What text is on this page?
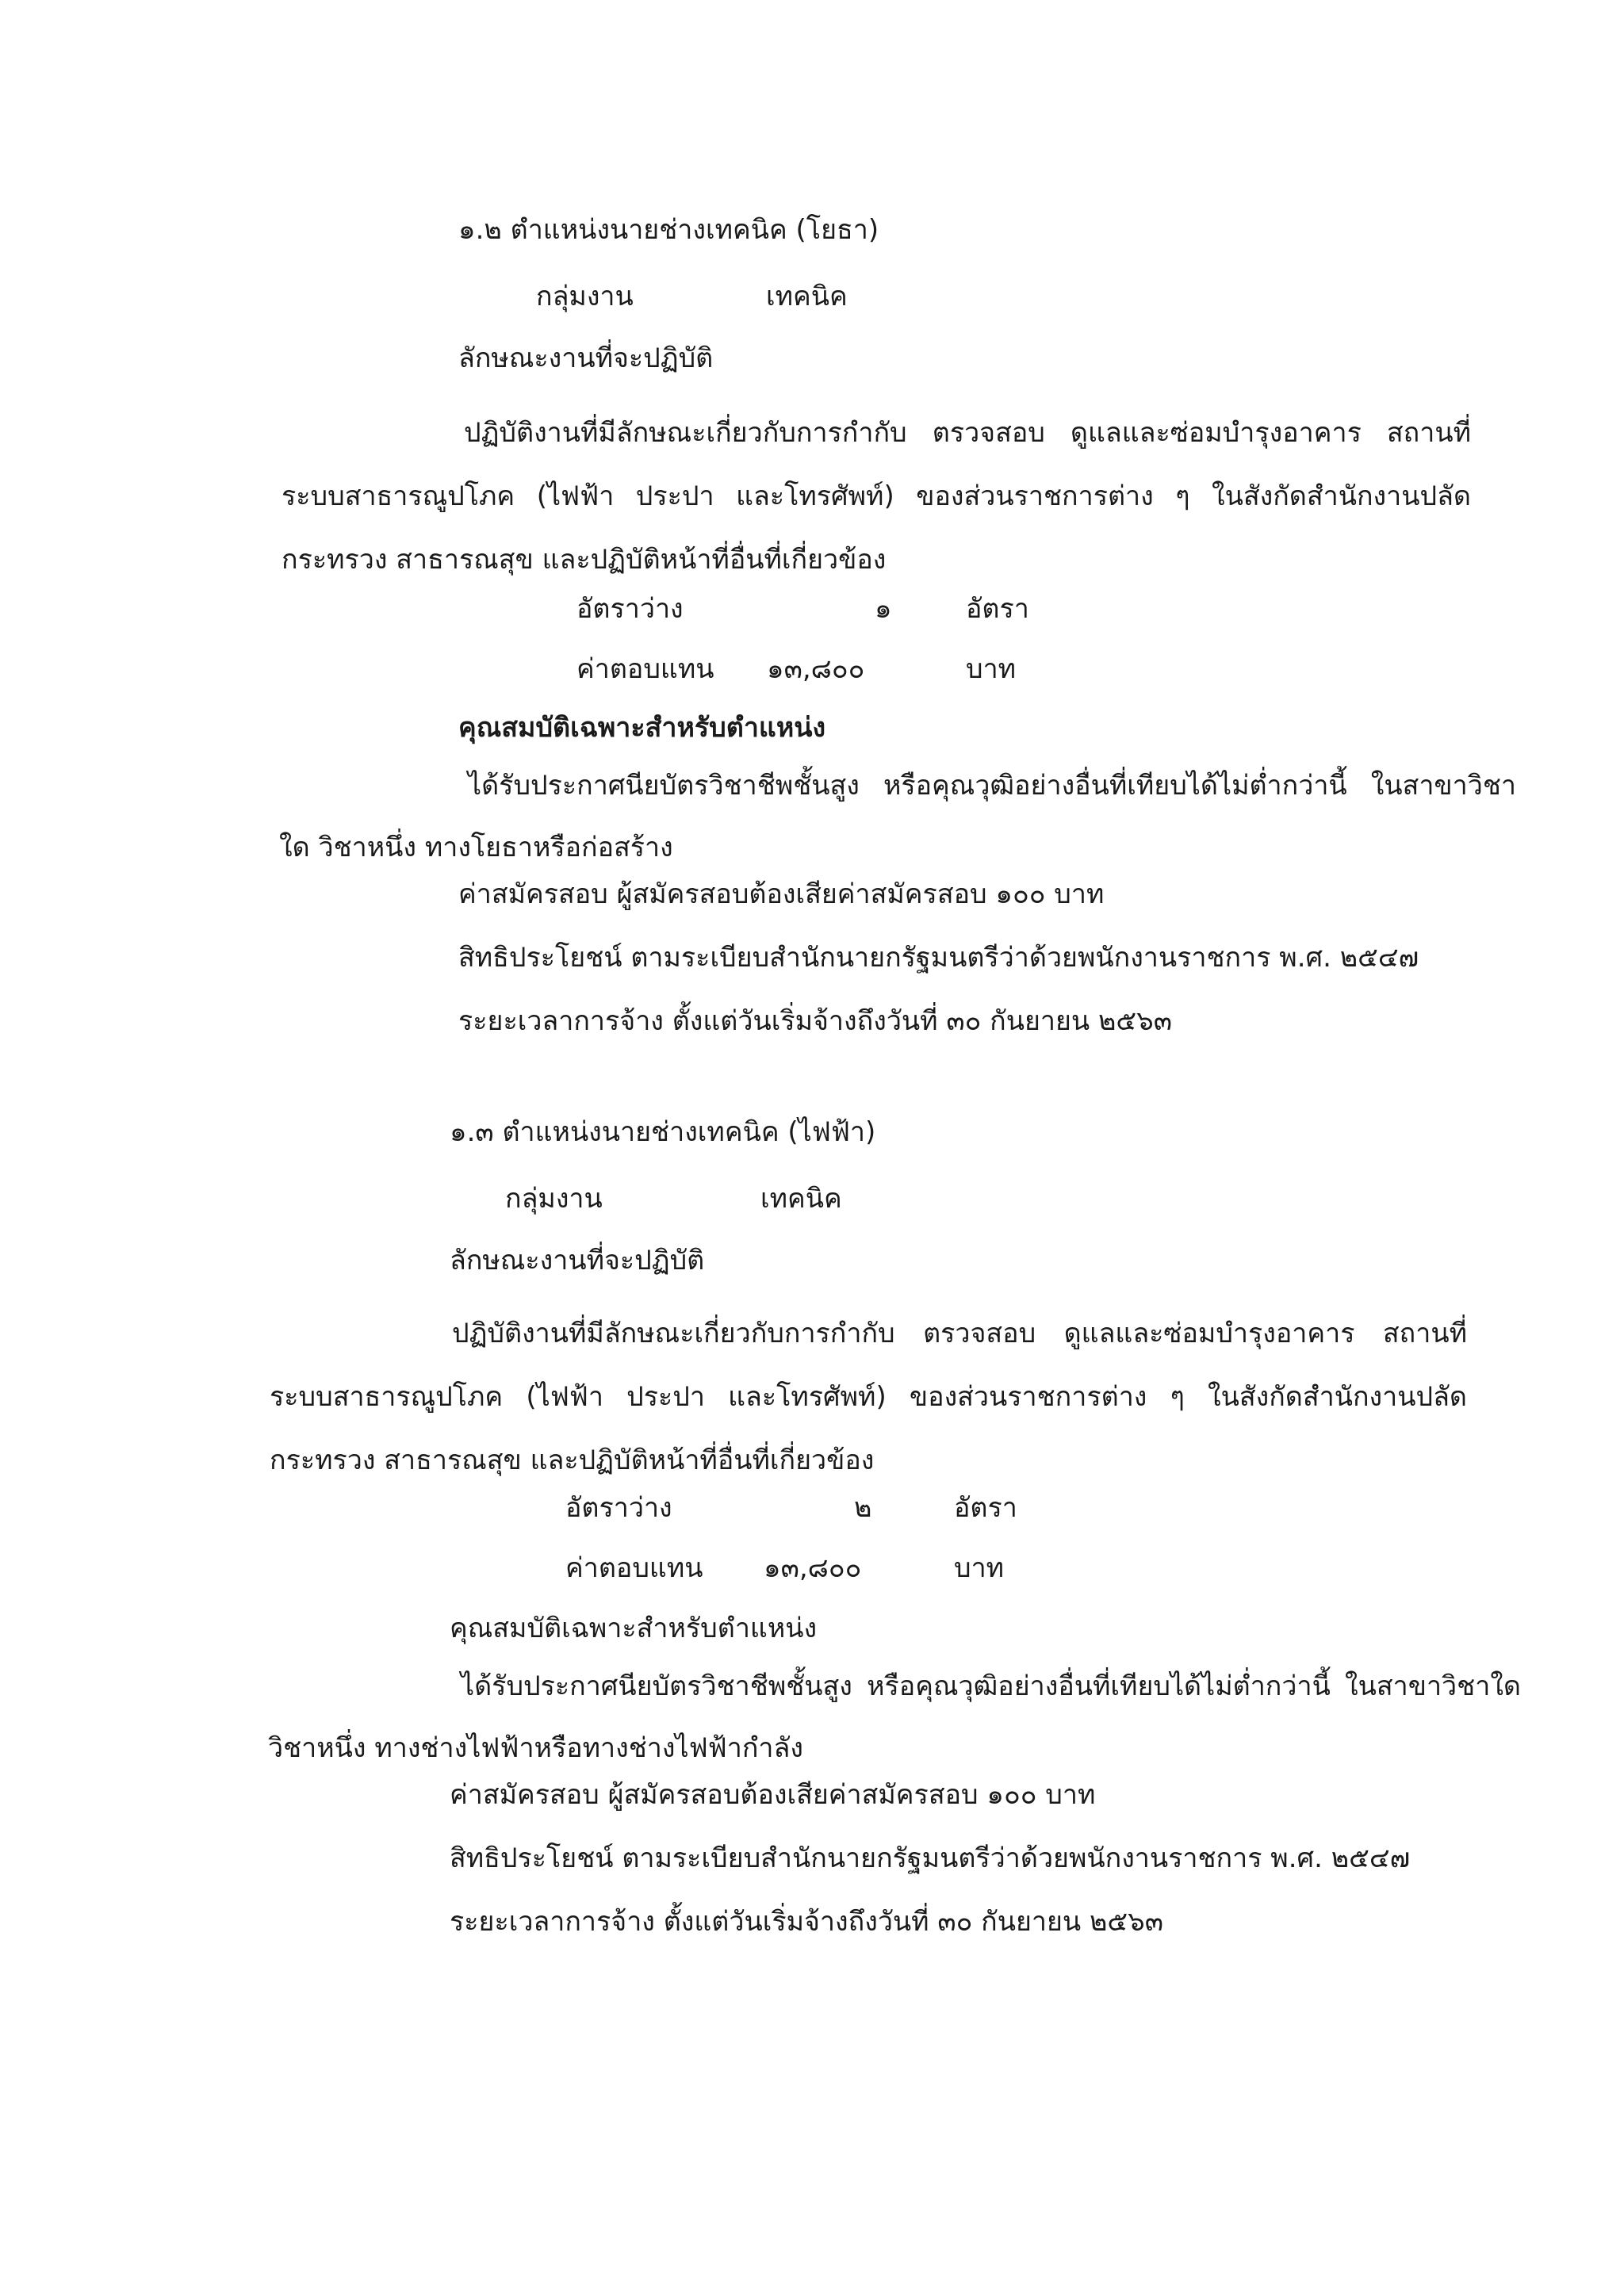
๑.๒ ตำแหน่งนายช่างเทคนิค (โยธา)
กลุ่มงาน	เทคนิค
ลักษณะงานที่จะปฏิบัติ
ปฏิบัติงานที่มีลักษณะเกี่ยวกับการกำกับ ตรวจสอบ ดูแลและซ่อมบำรุงอาคาร สถานที่ ระบบสาธารณูปโภค (ไฟฟ้า ประปา และโทรศัพท์) ของส่วนราชการต่าง ๆ ในสังกัดสำนักงานปลัดกระทรวง สาธารณสุข และปฏิบัติหน้าที่อื่นที่เกี่ยวข้อง
อัตราว่าง	๑	อัตรา
ค่าตอบแทน ๑๓,๘๐๐	บาท
คุณสมบัติเฉพาะสำหรับตำแหน่ง
ได้รับประกาศนียบัตรวิชาชีพชั้นสูง หรือคุณวุฒิอย่างอื่นที่เทียบได้ไม่ต่ำกว่านี้ ในสาขาวิชาใด วิชาหนึ่ง ทางโยธาหรือก่อสร้าง
ค่าสมัครสอบ ผู้สมัครสอบต้องเสียค่าสมัครสอบ ๑๐๐ บาท
สิทธิประโยชน์ ตามระเบียบสำนักนายกรัฐมนตรีว่าด้วยพนักงานราชการ พ.ศ. ๒๕๔๗
ระยะเวลาการจ้าง ตั้งแต่วันเริ่มจ้างถึงวันที่ ๓๐ กันยายน ๒๕๖๓
๑.๓ ตำแหน่งนายช่างเทคนิค (ไฟฟ้า)
กลุ่มงาน	เทคนิค
ลักษณะงานที่จะปฏิบัติ
ปฏิบัติงานที่มีลักษณะเกี่ยวกับการกำกับ ตรวจสอบ ดูแลและซ่อมบำรุงอาคาร สถานที่ ระบบสาธารณูปโภค (ไฟฟ้า ประปา และโทรศัพท์) ของส่วนราชการต่าง ๆ ในสังกัดสำนักงานปลัดกระทรวง สาธารณสุข และปฏิบัติหน้าที่อื่นที่เกี่ยวข้อง
อัตราว่าง	๒	อัตรา
ค่าตอบแทน ๑๓,๘๐๐	บาท
คุณสมบัติเฉพาะสำหรับตำแหน่ง
ได้รับประกาศนียบัตรวิชาชีพชั้นสูง หรือคุณวุฒิอย่างอื่นที่เทียบได้ไม่ต่ำกว่านี้ ในสาขาวิชาใดวิชาหนึ่ง ทางช่างไฟฟ้าหรือทางช่างไฟฟ้ากำลัง
ค่าสมัครสอบ ผู้สมัครสอบต้องเสียค่าสมัครสอบ ๑๐๐ บาท
สิทธิประโยชน์ ตามระเบียบสำนักนายกรัฐมนตรีว่าด้วยพนักงานราชการ พ.ศ. ๒๕๔๗
ระยะเวลาการจ้าง ตั้งแต่วันเริ่มจ้างถึงวันที่ ๓๐ กันยายน ๒๕๖๓
